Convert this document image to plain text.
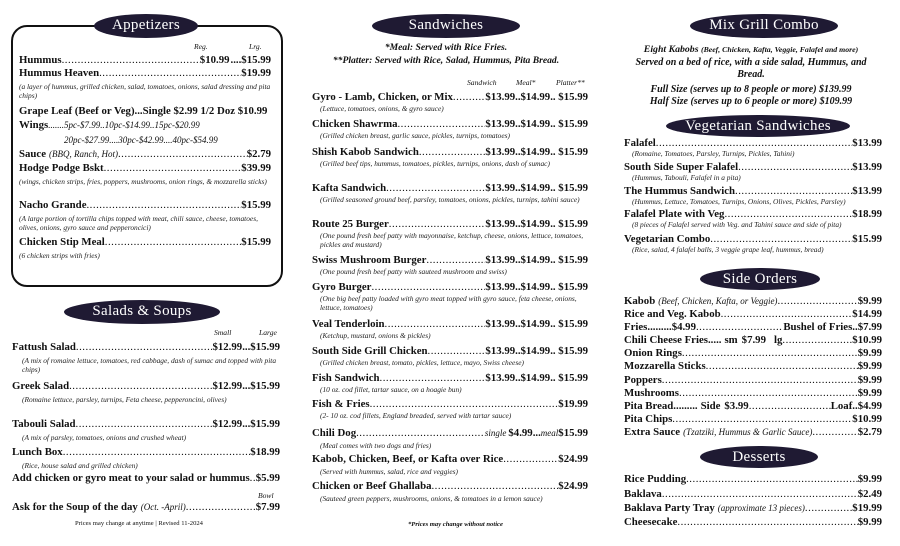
Appetizers
Reg.	Lrg.
Hummus .....	$10.99 .... $15.99
Hummus Heaven .....	$19.99
(a layer of hummus, grilled chicken, salad, tomatoes, onions, salad dressing and pita chips)
Grape Leaf (Beef or Veg)...Single $2.99 1/2 Doz $10.99
Wings.......5pc-$7.99..10pc-$14.99..15pc-$20.99
20pc-$27.99....30pc-$42.99....40pc-$54.99
Sauce (BBQ, Ranch, Hot) .....	$2.79
Hodge Podge Bskt .....	$39.99
(wings, chicken strips, fries, poppers, mushrooms, onion rings, & mozzarella sticks)
Nacho Grande .....	$15.99
(A large portion of tortilla chips topped with meat, chili sauce, cheese, tomatoes, olives, onions, gyro sauce and pepperoncici)
Chicken Stip Meal .....	$15.99
(6 chicken strips with fries)
Salads & Soups
Small	Large
Fattush Salad .....	$12.99 ... $15.99
(A mix of romaine lettuce, tomatoes, red cabbage, dash of sumac and topped with pita chips)
Greek Salad .....	$12.99 ... $15.99
(Romaine lettuce, parsley, turnips, Feta cheese, pepperoncini, olives)
Tabouli Salad .....	$12.99 ... $15.99
(A mix of parsley, tomatoes, onions and crushed wheat)
Lunch Box .....	$18.99
(Rice, house salad and grilled chicken)
Add chicken or gyro meat to your salad or hummus ..... $5.99
Bowl
Ask for the Soup of the day (Oct. -April) .....	$7.99
Prices may change at anytime | Revised 11-2024
Sandwiches
*Meal: Served with Rice Fries.
**Platter: Served with Rice, Salad, Hummus, Pita Bread.
Sandwich	Meal*	Platter**
Gyro - Lamb, Chicken, or Mix .....	$13.99..$14.99.. $15.99
(Lettuce, tomatoes, onions, & gyro sauce)
Chicken Shawrma .....	$13.99..$14.99.. $15.99
(Grilled chicken breast, garlic sauce, pickles, turnips, tomatoes)
Shish Kabob Sandwich .....	$13.99..$14.99.. $15.99
(Grilled beef tips, hummus, tomatoes, pickles, turnips, onions, dash of sumac)
Kafta Sandwich .....	$13.99..$14.99.. $15.99
(Grilled seasoned ground beef, parsley, tomatoes, onions, pickles, turnips, tahini sauce)
Route 25 Burger .....	$13.99..$14.99.. $15.99
(One pound fresh beef patty with mayonnaise, ketchup, cheese, onions, lettuce, tomatoes, pickles and mustard)
Swiss Mushroom Burger .....	$13.99..$14.99.. $15.99
(One pound fresh beef patty with sauteed mushroom and swiss)
Gyro Burger .....	$13.99..$14.99.. $15.99
(One big beef patty loaded with gyro meat topped with gyro sauce, feta cheese, onions, lettuce, tomatoes)
Veal Tenderloin .....	$13.99..$14.99.. $15.99
(Ketchup, mustard, onions & pickles)
South Side Grill Chicken .....	$13.99..$14.99.. $15.99
(Grilled chicken breast, tomato, pickles, lettuce, mayo, Swiss cheese)
Fish Sandwich .....	$13.99..$14.99.. $15.99
(10 oz. cod fillet, tartar sauce, on a hoagie bun)
Fish & Fries .....	$19.99
(2- 10 oz. cod fillets, England breaded, served with tartar sauce)
Chili Dog .....	single $4.99 ... meal $15.99
(Meal comes with two dogs and fries)
Kabob, Chicken, Beef, or Kafta over Rice .....	$24.99
(Served with hummus, salad, rice and veggies)
Chicken or Beef Ghallaba .....	$24.99
(Sauteed green peppers, mushrooms, onions, & tomatoes in a lemon sauce)
*Prices may change without notice
Mix Grill Combo
Eight Kabobs (Beef, Chicken, Kafta, Veggie, Falafel and more)
Served on a bed of rice, with a side salad, Hummus, and Bread.
Full Size (serves up to 8 people or more) $139.99
Half Size (serves up to 6 people or more) $109.99
Vegetarian Sandwiches
Falafel .....	$13.99
(Romaine, Tomatoes, Parsley, Turnips, Pickles, Tahini)
South Side Super Falafel .....	$13.99
(Hummus, Tabouli, Falafel in a pita)
The Hummus Sandwich .....	$13.99
(Hummus, Lettuce, Tomatoes, Turnips, Onions, Olives, Pickles, Parsley)
Falafel Plate with Veg .....	$18.99
(8 pieces of Falafel served with Veg. and Tahini sauce and side of pita)
Vegetarian Combo .....	$15.99
(Rice, salad, 4 falafel balls, 3 veggie grape leaf, hummus, bread)
Side Orders
Kabob (Beef, Chicken, Kafta, or Veggie) .....	$9.99
Rice and Veg. Kabob .....	$14.99
Fries ......... $4.99 .....	Bushel of Fries .. $7.99
Chili Cheese Fries ..... sm $7.99 lg .....	$10.99
Onion Rings .....	$9.99
Mozzarella Sticks .....	$9.99
Poppers .....	$9.99
Mushrooms .....	$9.99
Pita Bread ......... Side $3.99 .....	Loaf .. $4.99
Pita Chips .....	$10.99
Extra Sauce (Tzatziki, Hummus & Garlic Sauce) .....	$2.79
Desserts
Rice Pudding .....	$9.99
Baklava .....	$2.49
Baklava Party Tray (approximate 13 pieces) .....	$19.99
Cheesecake .....	$9.99
